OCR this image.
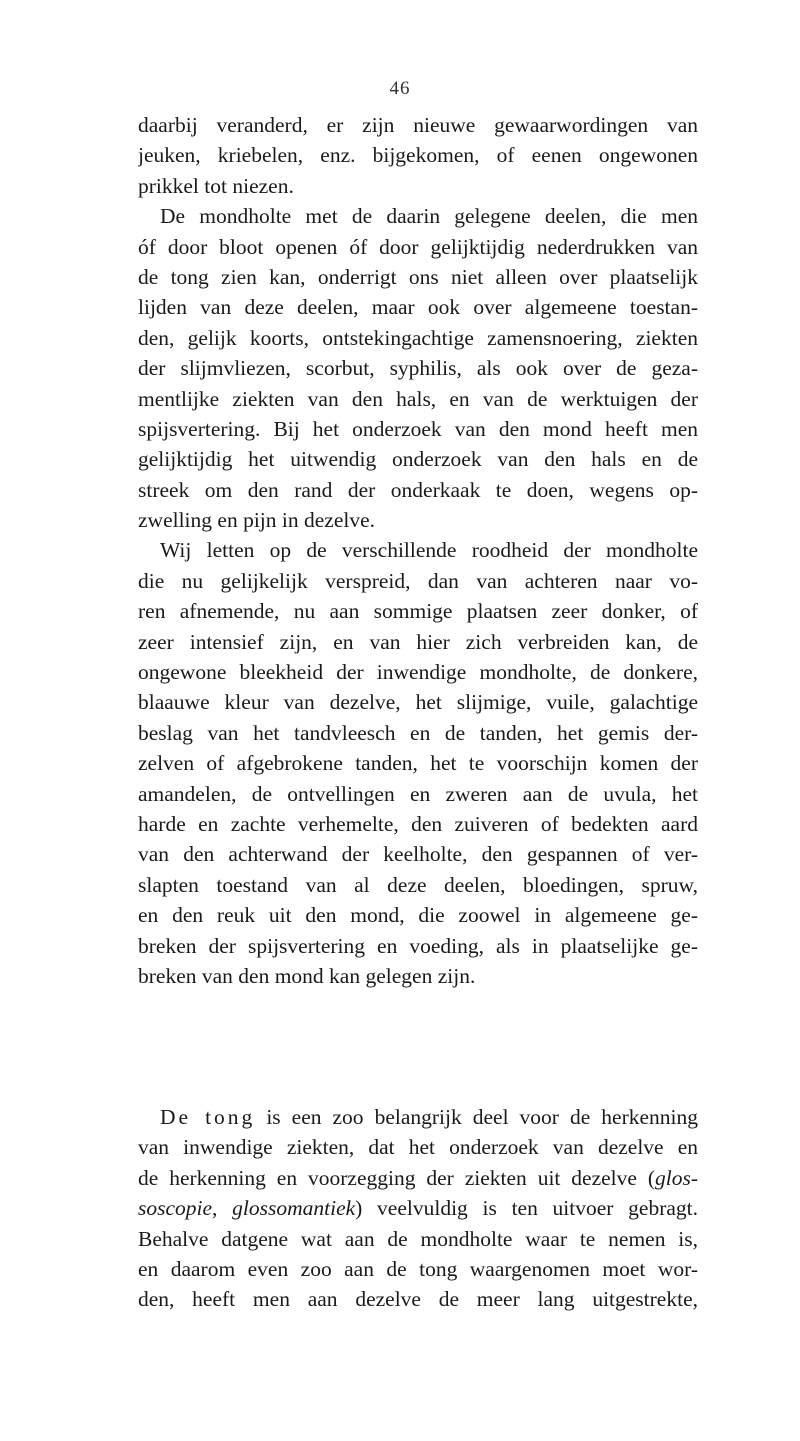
46
daarbij veranderd, er zijn nieuwe gewaarwordingen van
jeuken, kriebelen, enz. bijgekomen, of eenen ongewonen
prikkel tot niezen.
De mondholte met de daarin gelegene deelen, die men
óf door bloot openen óf door gelijktijdig nederdrukken van
de tong zien kan, onderrigt ons niet alleen over plaatselijk
lijden van deze deelen, maar ook over algemeene toestan-
den, gelijk koorts, ontstekingachtige zamensnoering, ziekten
der slijmvliezen, scorbut, syphilis, als ook over de geza-
mentlijke ziekten van den hals, en van de werktuigen der
spijsvertering. Bij het onderzoek van den mond heeft men
gelijktijdig het uitwendig onderzoek van den hals en de
streek om den rand der onderkaak te doen, wegens op-
zwelling en pijn in dezelve.
Wij letten op de verschillende roodheid der mondholte
die nu gelijkelijk verspreid, dan van achteren naar vo-
ren afnemende, nu aan sommige plaatsen zeer donker, of
zeer intensief zijn, en van hier zich verbreiden kan, de
ongewone bleekheid der inwendige mondholte, de donkere,
blaauwe kleur van dezelve, het slijmige, vuile, galachtige
beslag van het tandvleesch en de tanden, het gemis der-
zelven of afgebrokene tanden, het te voorschijn komen der
amandelen, de ontvellingen en zweren aan de uvula, het
harde en zachte verhemelte, den zuiveren of bedekten aard
van den achterwand der keelholte, den gespannen of ver-
slapten toestand van al deze deelen, bloedingen, spruw,
en den reuk uit den mond, die zoowel in algemeene ge-
breken der spijsvertering en voeding, als in plaatselijke ge-
breken van den mond kan gelegen zijn.
De tong is een zoo belangrijk deel voor de herkenning
van inwendige ziekten, dat het onderzoek van dezelve en
de herkenning en voorzegging der ziekten uit dezelve (glos-
soscopie, glossomantiek) veelvuldig is ten uitvoer gebragt.
Behalve datgene wat aan de mondholte waar te nemen is,
en daarom even zoo aan de tong waargenomen moet wor-
den, heeft men aan dezelve de meer lang uitgestrekte,
